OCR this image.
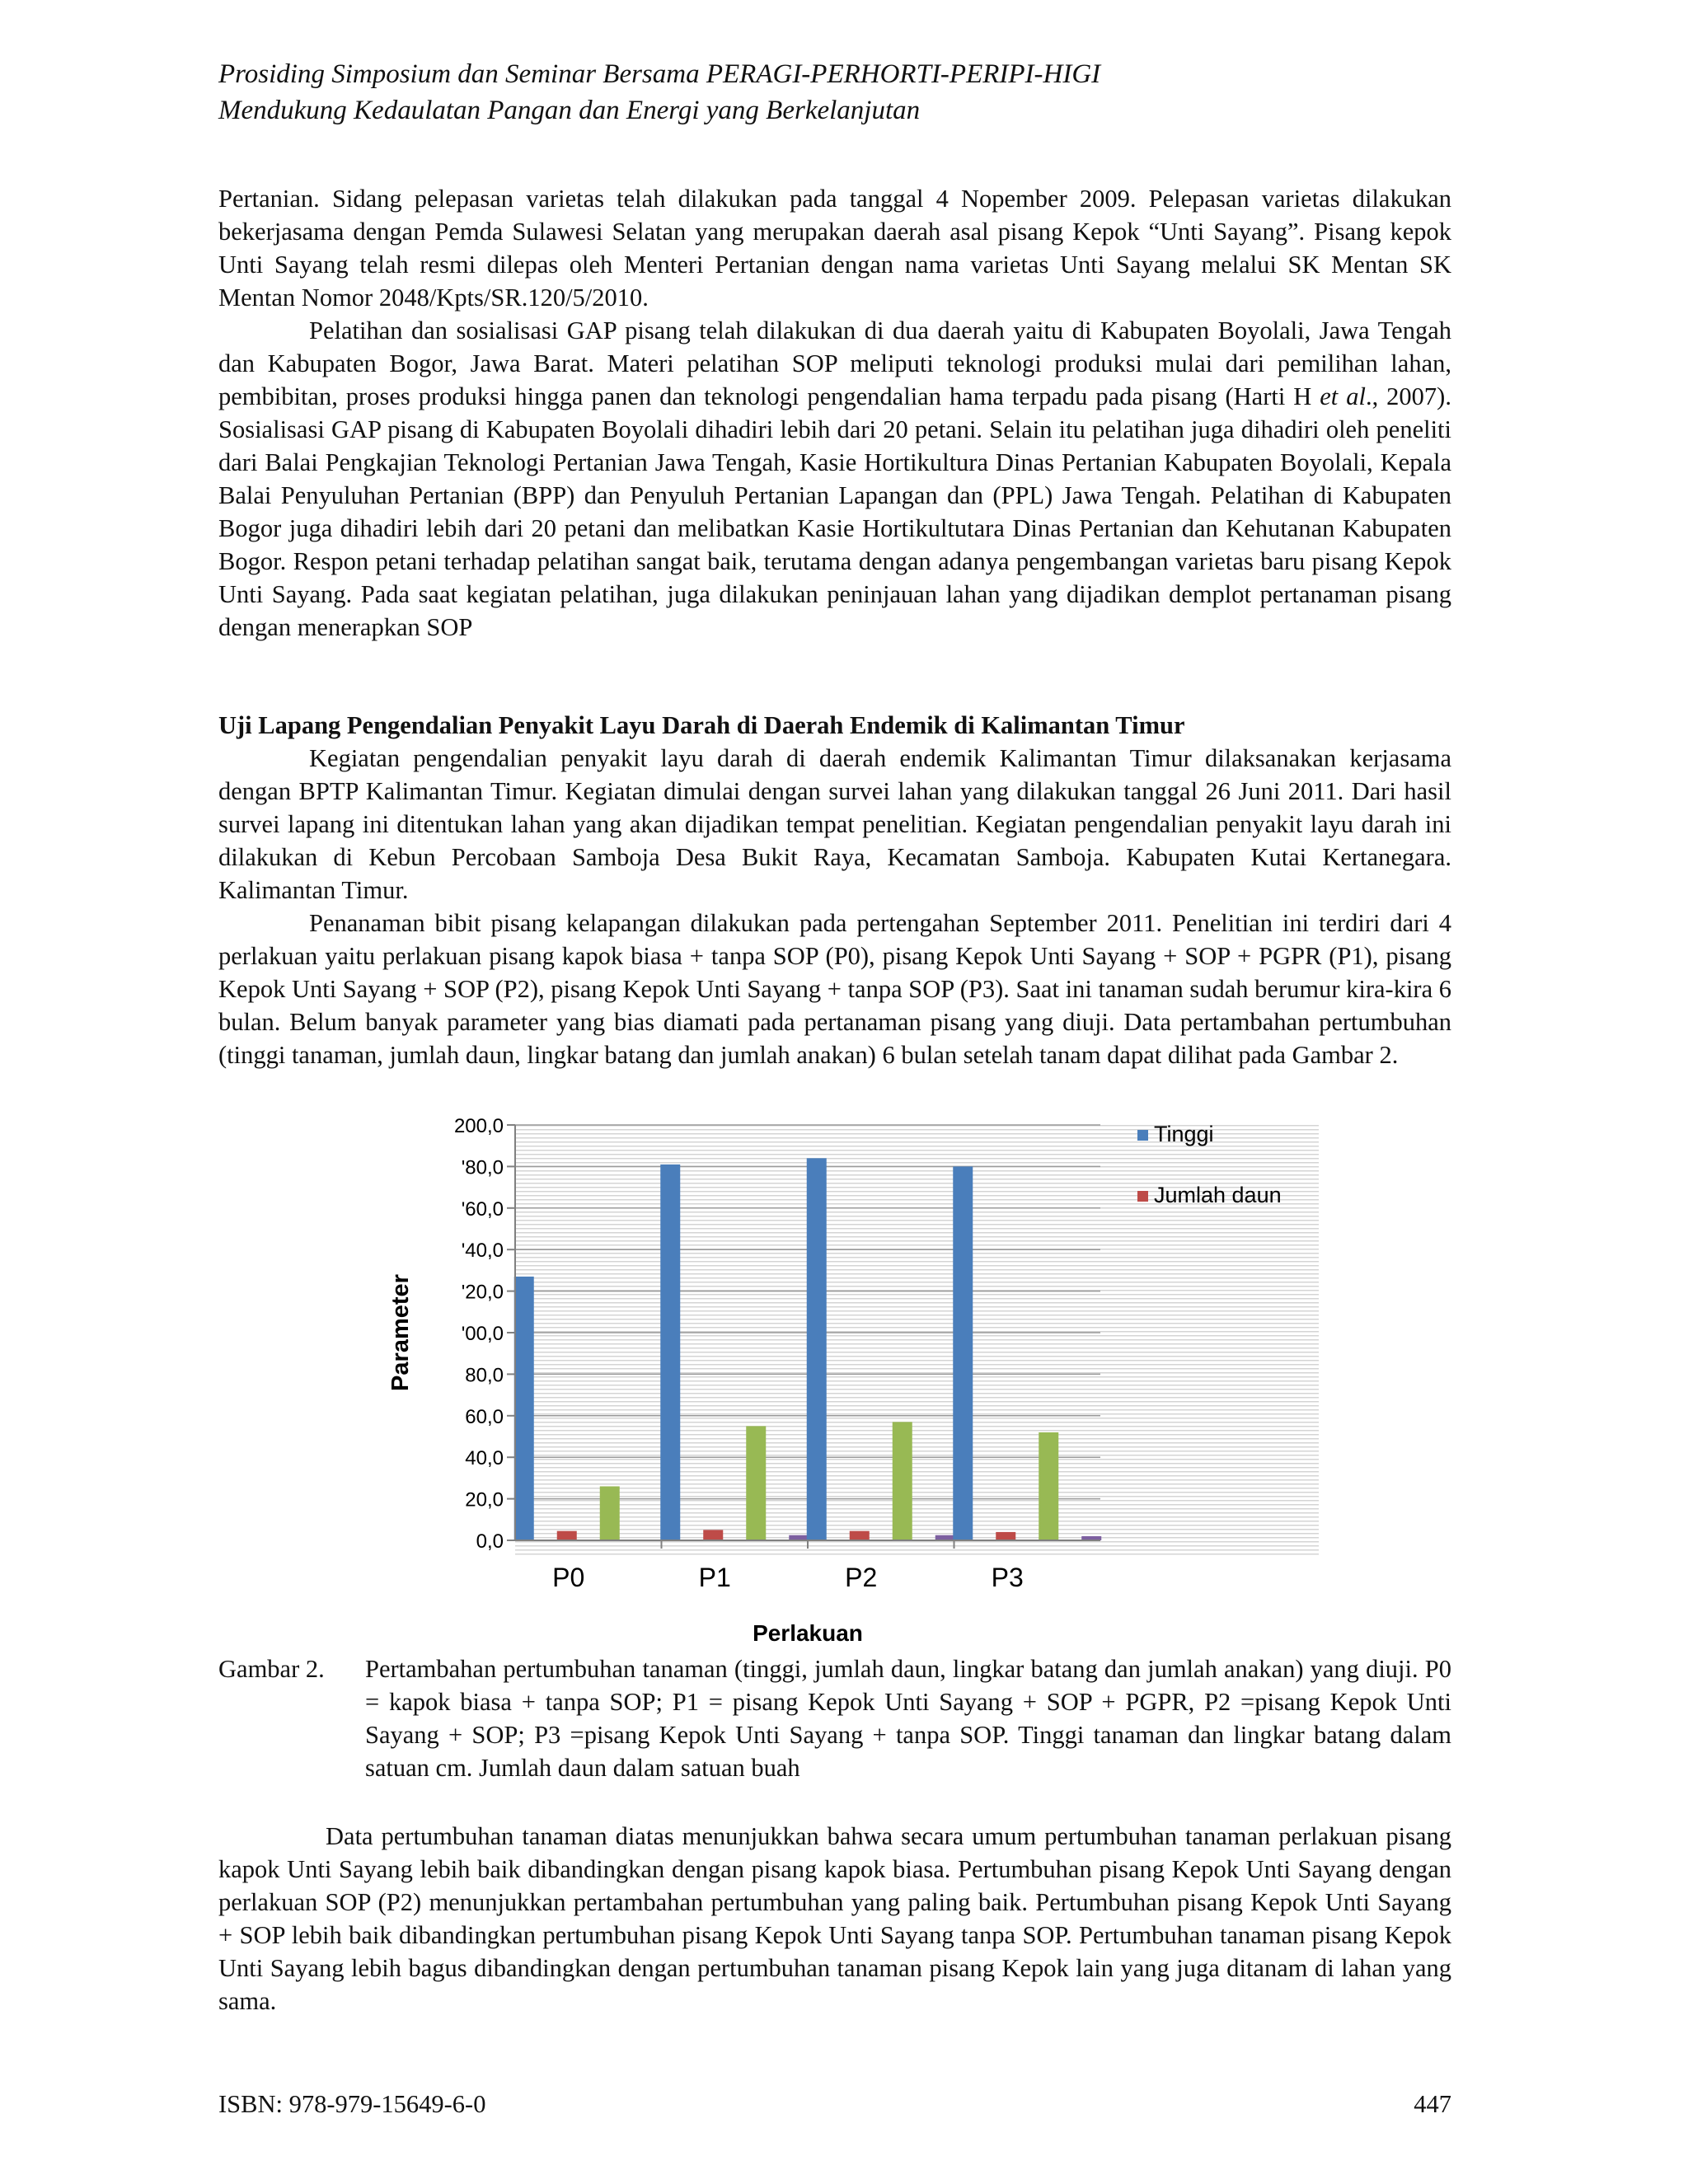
Prosiding Simposium dan Seminar Bersama PERAGI-PERHORTI-PERIPI-HIGI
Mendukung Kedaulatan Pangan dan Energi yang Berkelanjutan

Pertanian. Sidang pelepasan varietas telah dilakukan pada tanggal 4 Nopember 2009. Pelepasan varietas dilakukan bekerjasama dengan Pemda Sulawesi Selatan yang merupakan daerah asal pisang Kepok “Unti Sayang”. Pisang kepok Unti Sayang telah resmi dilepas oleh Menteri Pertanian dengan nama varietas Unti Sayang melalui SK Mentan SK Mentan Nomor 2048/Kpts/SR.120/5/2010.

Pelatihan dan sosialisasi GAP pisang telah dilakukan di dua daerah yaitu di Kabupaten Boyolali, Jawa Tengah dan Kabupaten Bogor, Jawa Barat. Materi pelatihan SOP meliputi teknologi produksi mulai dari pemilihan lahan, pembibitan, proses produksi hingga panen dan teknologi pengendalian hama terpadu pada pisang (Harti H et al., 2007). Sosialisasi GAP pisang di Kabupaten Boyolali dihadiri lebih dari 20 petani. Selain itu pelatihan juga dihadiri oleh peneliti dari Balai Pengkajian Teknologi Pertanian Jawa Tengah, Kasie Hortikultura Dinas Pertanian Kabupaten Boyolali, Kepala Balai Penyuluhan Pertanian (BPP) dan Penyuluh Pertanian Lapangan dan (PPL) Jawa Tengah. Pelatihan di Kabupaten Bogor juga dihadiri lebih dari 20 petani dan melibatkan Kasie Hortikultutara Dinas Pertanian dan Kehutanan Kabupaten Bogor. Respon petani terhadap pelatihan sangat baik, terutama dengan adanya pengembangan varietas baru pisang Kepok Unti Sayang. Pada saat kegiatan pelatihan, juga dilakukan peninjauan lahan yang dijadikan demplot pertanaman pisang dengan menerapkan SOP

Uji Lapang Pengendalian Penyakit Layu Darah di Daerah Endemik di Kalimantan Timur

Kegiatan pengendalian penyakit layu darah di daerah endemik Kalimantan Timur dilaksanakan kerjasama dengan BPTP Kalimantan Timur. Kegiatan dimulai dengan survei lahan yang dilakukan tanggal 26 Juni 2011. Dari hasil survei lapang ini ditentukan lahan yang akan dijadikan tempat penelitian. Kegiatan pengendalian penyakit layu darah ini dilakukan di Kebun Percobaan Samboja Desa Bukit Raya, Kecamatan Samboja. Kabupaten Kutai Kertanegara. Kalimantan Timur.

Penanaman bibit pisang kelapangan dilakukan pada pertengahan September 2011. Penelitian ini terdiri dari 4 perlakuan yaitu perlakuan pisang kapok biasa + tanpa SOP (P0), pisang Kepok Unti Sayang + SOP + PGPR (P1), pisang Kepok Unti Sayang + SOP (P2), pisang Kepok Unti Sayang + tanpa SOP (P3). Saat ini tanaman sudah berumur kira-kira 6 bulan. Belum banyak parameter yang bias diamati pada pertanaman pisang yang diuji. Data pertambahan pertumbuhan (tinggi tanaman, jumlah daun, lingkar batang dan jumlah anakan) 6 bulan setelah tanam dapat dilihat pada Gambar 2.

0,0
20,0
40,0
60,0
80,0
'00,0
'20,0
'40,0
'60,0
'80,0
200,0
P0	P1	P2	P3
Parameter
Perlakuan
Tinggi
Jumlah daun
Gambar 2.	Pertambahan pertumbuhan tanaman (tinggi, jumlah daun, lingkar batang dan jumlah anakan) yang diuji. P0 = kapok biasa + tanpa SOP; P1 = pisang Kepok Unti Sayang + SOP + PGPR, P2 =pisang Kepok Unti Sayang + SOP; P3 =pisang Kepok Unti Sayang + tanpa SOP. Tinggi tanaman dan lingkar batang dalam satuan cm. Jumlah daun dalam satuan buah

Data pertumbuhan tanaman diatas menunjukkan bahwa secara umum pertumbuhan tanaman perlakuan pisang kapok Unti Sayang lebih baik dibandingkan dengan pisang kapok biasa. Pertumbuhan pisang Kepok Unti Sayang dengan perlakuan SOP (P2) menunjukkan pertambahan pertumbuhan yang paling baik. Pertumbuhan pisang Kepok Unti Sayang + SOP lebih baik dibandingkan pertumbuhan pisang Kepok Unti Sayang tanpa SOP. Pertumbuhan tanaman pisang Kepok Unti Sayang lebih bagus dibandingkan dengan pertumbuhan tanaman pisang Kepok lain yang juga ditanam di lahan yang sama.

ISBN: 978-979-15649-6-0	447
